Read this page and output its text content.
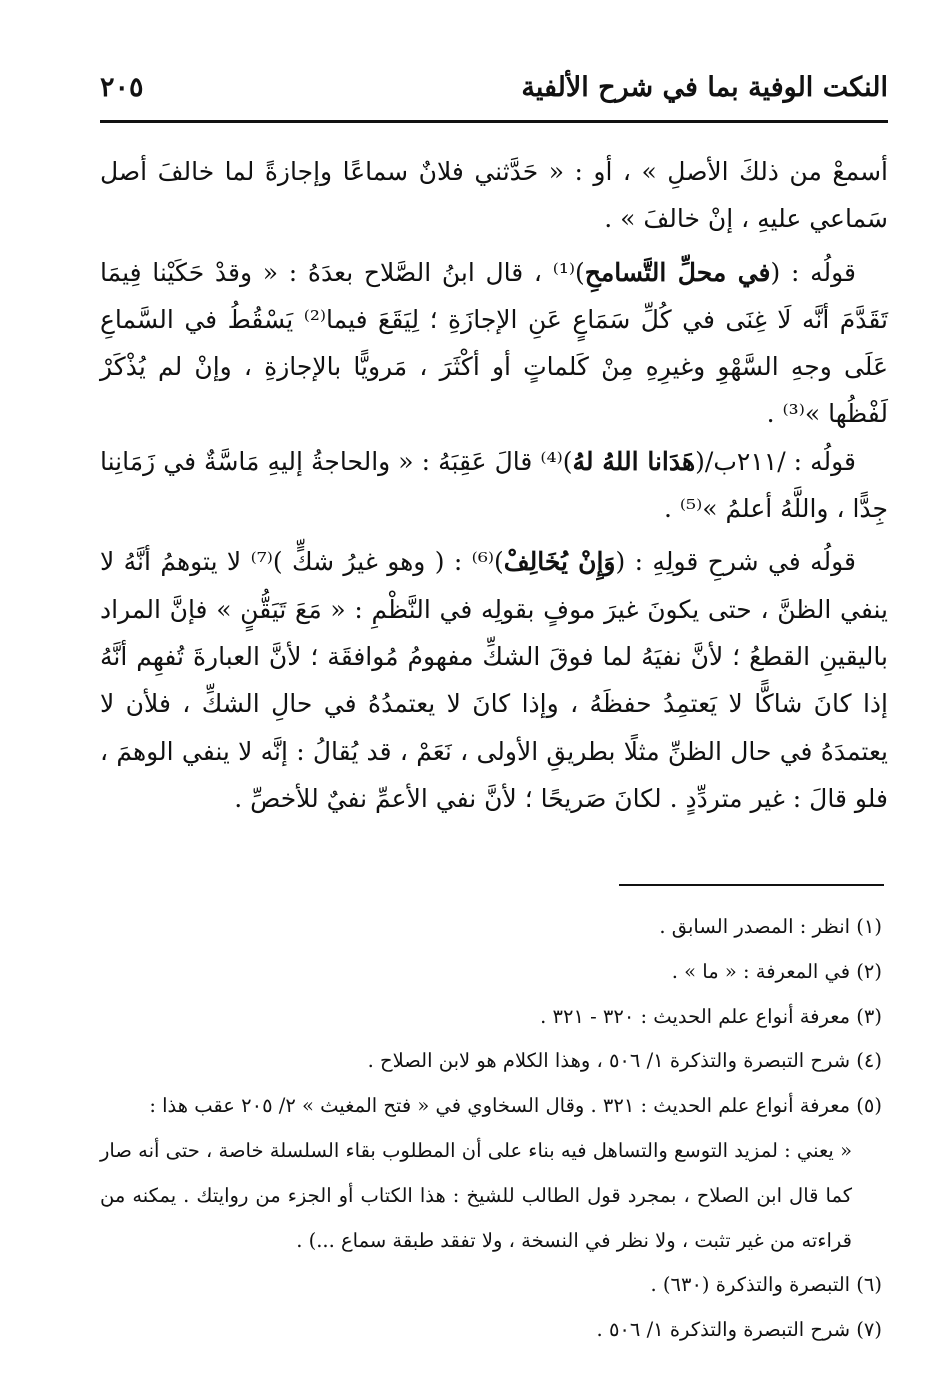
النكت الوفية بما في شرح الألفية
٢٠٥

أسمعْ من ذلكَ الأصلِ » ، أو : « حَدَّثني فلانٌ سماعًا وإجازةً لما خالفَ أصل سَماعي عليهِ ، إنْ خالفَ » .

قولُه : (في محلِّ التَّسامحِ)⁽¹⁾ ، قال ابنُ الصَّلاح بعدَهُ : « وقدْ حَكَيْنا فِيمَا تَقَدَّمَ أنَّه لَا غِنَى في كُلِّ سَمَاعٍ عَنِ الإجازَةِ ؛ لِيَقَعَ فيما⁽²⁾ يَسْقُطُ في السَّماعِ عَلَى وجهِ السَّهْوِ وغيرِهِ مِنْ كَلماتٍ أو أكْثَرَ ، مَرويًّا بالإجازةِ ، وإنْ لم يُذْكَرْ لَفْظُها »⁽³⁾ .

قولُه : /٢١١ب/(هَدَانا اللهُ لهُ)⁽⁴⁾ قالَ عَقِبَهُ : « والحاجةُ إليهِ مَاسَّةٌ في زَمَانِنا جِدًّا ، واللَّهُ أعلمُ »⁽⁵⁾ .

قولُه في شرحِ قولِهِ : (وَإِنْ يُخَالِفْ)⁽⁶⁾ : ( وهو غيرُ شكٍّ )⁽⁷⁾ لا يتوهمُ أنَّهُ لا ينفي الظنَّ ، حتى يكونَ غيرَ موفٍ بقولِه في النَّظْمِ : « مَعَ تَيَقُّنٍ » فإنَّ المراد باليقينِ القطعُ ؛ لأنَّ نفيَهُ لما فوقَ الشكِّ مفهومُ مُوافقَة ؛ لأنَّ العبارةَ تُفهِم أنَّهُ إذا كانَ شاكًّا لا يَعتمِدُ حفظَهُ ، وإذا كانَ لا يعتمدُهُ في حالِ الشكِّ ، فلأن لا يعتمدَهُ في حال الظنِّ مثلًا بطريقِ الأولى ، نَعَمْ ، قد يُقالُ : إنَّه لا ينفي الوهمَ ، فلو قالَ : غير متردِّدٍ . لكانَ صَريحًا ؛ لأنَّ نفي الأعمِّ نفيٌ للأخصِّ .

(١) انظر : المصدر السابق .

(٢) في المعرفة : « ما » .

(٣) معرفة أنواع علم الحديث : ٣٢٠ - ٣٢١ .

(٤) شرح التبصرة والتذكرة ١/ ٥٠٦ ، وهذا الكلام هو لابن الصلاح .

(٥) معرفة أنواع علم الحديث : ٣٢١ . وقال السخاوي في « فتح المغيث » ٢/ ٢٠٥ عقب هذا :

« يعني : لمزيد التوسع والتساهل فيه بناء على أن المطلوب بقاء السلسلة خاصة ، حتى أنه صار كما قال ابن الصلاح ، بمجرد قول الطالب للشيخ : هذا الكتاب أو الجزء من روايتك . يمكنه من قراءته من غير تثبت ، ولا نظر في النسخة ، ولا تفقد طبقة سماع ...) .

(٦) التبصرة والتذكرة (٦٣٠) .

(٧) شرح التبصرة والتذكرة ١/ ٥٠٦ .
